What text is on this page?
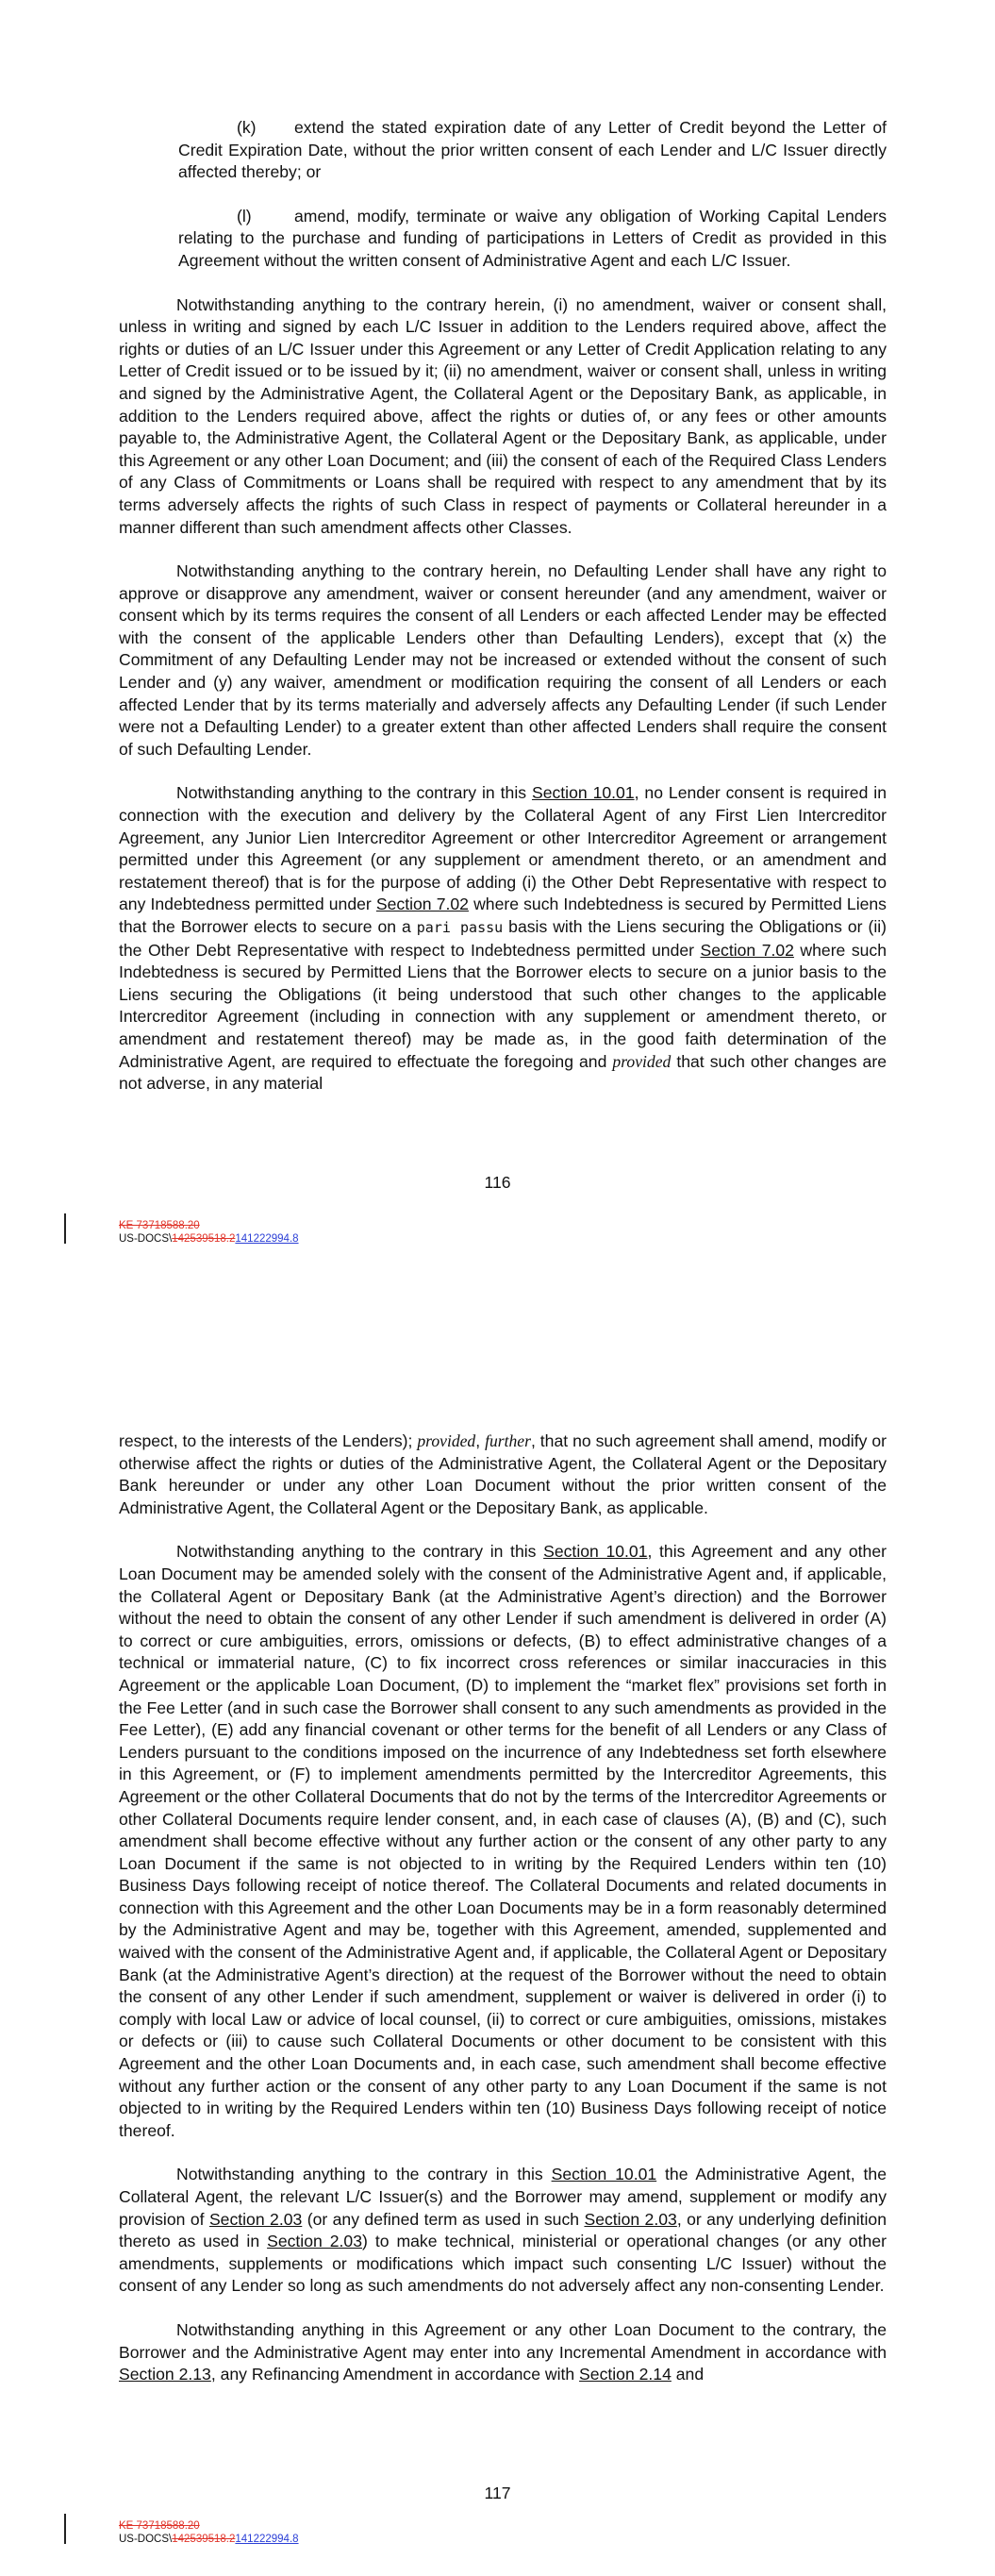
(k) extend the stated expiration date of any Letter of Credit beyond the Letter of Credit Expiration Date, without the prior written consent of each Lender and L/C Issuer directly affected thereby; or

(l)	amend, modify, terminate or waive any obligation of Working Capital Lenders relating to the purchase and funding of participations in Letters of Credit as provided in this Agreement without the written consent of Administrative Agent and each L/C Issuer.

Notwithstanding anything to the contrary herein, (i) no amendment, waiver or consent shall, unless in writing and signed by each L/C Issuer in addition to the Lenders required above, affect the rights or duties of an L/C Issuer under this Agreement or any Letter of Credit Application relating to any Letter of Credit issued or to be issued by it; (ii) no amendment, waiver or consent shall, unless in writing and signed by the Administrative Agent, the Collateral Agent or the Depositary Bank, as applicable, in addition to the Lenders required above, affect the rights or duties of, or any fees or other amounts payable to, the Administrative Agent, the Collateral Agent or the Depositary Bank, as applicable, under this Agreement or any other Loan Document; and (iii) the consent of each of the Required Class Lenders of any Class of Commitments or Loans shall be required with respect to any amendment that by its terms adversely affects the rights of such Class in respect of payments or Collateral hereunder in a manner different than such amendment affects other Classes.

Notwithstanding anything to the contrary herein, no Defaulting Lender shall have any right to approve or disapprove any amendment, waiver or consent hereunder (and any amendment, waiver or consent which by its terms requires the consent of all Lenders or each affected Lender may be effected with the consent of the applicable Lenders other than Defaulting Lenders), except that (x) the Commitment of any Defaulting Lender may not be increased or extended without the consent of such Lender and (y) any waiver, amendment or modification requiring the consent of all Lenders or each affected Lender that by its terms materially and adversely affects any Defaulting Lender (if such Lender were not a Defaulting Lender) to a greater extent than other affected Lenders shall require the consent of such Defaulting Lender.

Notwithstanding anything to the contrary in this Section 10.01, no Lender consent is required in connection with the execution and delivery by the Collateral Agent of any First Lien Intercreditor Agreement, any Junior Lien Intercreditor Agreement or other Intercreditor Agreement or arrangement permitted under this Agreement (or any supplement or amendment thereto, or an amendment and restatement thereof) that is for the purpose of adding (i) the Other Debt Representative with respect to any Indebtedness permitted under Section 7.02 where such Indebtedness is secured by Permitted Liens that the Borrower elects to secure on a pari passu basis with the Liens securing the Obligations or (ii) the Other Debt Representative with respect to Indebtedness permitted under Section 7.02 where such Indebtedness is secured by Permitted Liens that the Borrower elects to secure on a junior basis to the Liens securing the Obligations (it being understood that such other changes to the applicable Intercreditor Agreement (including in connection with any supplement or amendment thereto, or amendment and restatement thereof) may be made as, in the good faith determination of the Administrative Agent, are required to effectuate the foregoing and provided that such other changes are not adverse, in any material

116
KE 73718588.20
US-DOCS\142539518.2141222994.8

respect, to the interests of the Lenders); provided, further, that no such agreement shall amend, modify or otherwise affect the rights or duties of the Administrative Agent, the Collateral Agent or the Depositary Bank hereunder or under any other Loan Document without the prior written consent of the Administrative Agent, the Collateral Agent or the Depositary Bank, as applicable.

Notwithstanding anything to the contrary in this Section 10.01, this Agreement and any other Loan Document may be amended solely with the consent of the Administrative Agent and, if applicable, the Collateral Agent or Depositary Bank (at the Administrative Agent’s direction) and the Borrower without the need to obtain the consent of any other Lender if such amendment is delivered in order (A) to correct or cure ambiguities, errors, omissions or defects, (B) to effect administrative changes of a technical or immaterial nature, (C) to fix incorrect cross references or similar inaccuracies in this Agreement or the applicable Loan Document, (D) to implement the “market flex” provisions set forth in the Fee Letter (and in such case the Borrower shall consent to any such amendments as provided in the Fee Letter), (E) add any financial covenant or other terms for the benefit of all Lenders or any Class of Lenders pursuant to the conditions imposed on the incurrence of any Indebtedness set forth elsewhere in this Agreement, or (F) to implement amendments permitted by the Intercreditor Agreements, this Agreement or the other Collateral Documents that do not by the terms of the Intercreditor Agreements or other Collateral Documents require lender consent, and, in each case of clauses (A), (B) and (C), such amendment shall become effective without any further action or the consent of any other party to any Loan Document if the same is not objected to in writing by the Required Lenders within ten (10) Business Days following receipt of notice thereof. The Collateral Documents and related documents in connection with this Agreement and the other Loan Documents may be in a form reasonably determined by the Administrative Agent and may be, together with this Agreement, amended, supplemented and waived with the consent of the Administrative Agent and, if applicable, the Collateral Agent or Depositary Bank (at the Administrative Agent’s direction) at the request of the Borrower without the need to obtain the consent of any other Lender if such amendment, supplement or waiver is delivered in order (i) to comply with local Law or advice of local counsel, (ii) to correct or cure ambiguities, omissions, mistakes or defects or (iii) to cause such Collateral Documents or other document to be consistent with this Agreement and the other Loan Documents and, in each case, such amendment shall become effective without any further action or the consent of any other party to any Loan Document if the same is not objected to in writing by the Required Lenders within ten (10) Business Days following receipt of notice thereof.

Notwithstanding anything to the contrary in this Section 10.01 the Administrative Agent, the Collateral Agent, the relevant L/C Issuer(s) and the Borrower may amend, supplement or modify any provision of Section 2.03 (or any defined term as used in such Section 2.03, or any underlying definition thereto as used in Section 2.03) to make technical, ministerial or operational changes (or any other amendments, supplements or modifications which impact such consenting L/C Issuer) without the consent of any Lender so long as such amendments do not adversely affect any non-consenting Lender.

Notwithstanding anything in this Agreement or any other Loan Document to the contrary, the Borrower and the Administrative Agent may enter into any Incremental Amendment in accordance with Section 2.13, any Refinancing Amendment in accordance with Section 2.14 and

117
KE 73718588.20
US-DOCS\142539518.2141222994.8
